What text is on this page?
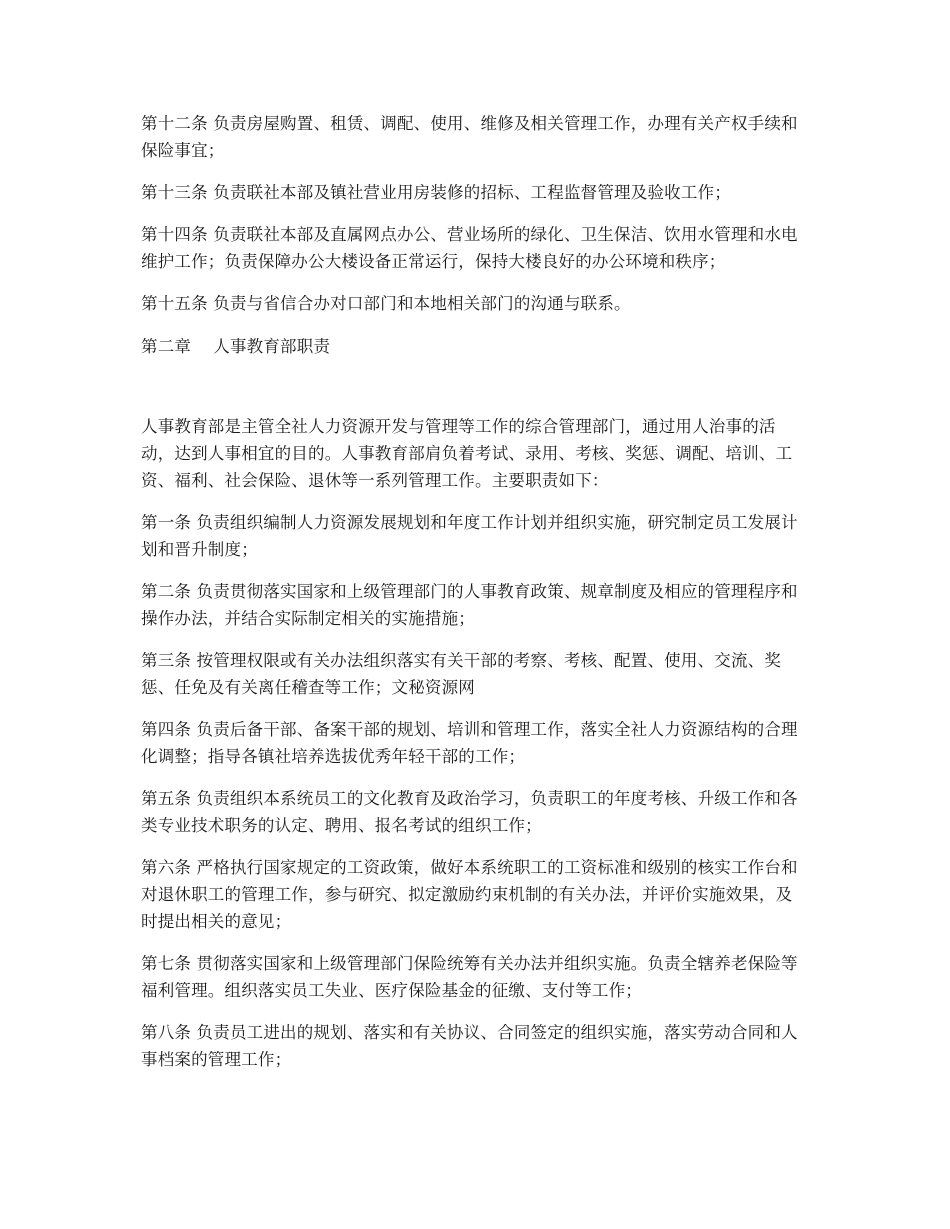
第十二条 负责房屋购置、租赁、调配、使用、维修及相关管理工作，办理有关产权手续和保险事宜；

第十三条 负责联社本部及镇社营业用房装修的招标、工程监督管理及验收工作；

第十四条 负责联社本部及直属网点办公、营业场所的绿化、卫生保洁、饮用水管理和水电维护工作；负责保障办公大楼设备正常运行，保持大楼良好的办公环境和秩序；

第十五条 负责与省信合办对口部门和本地相关部门的沟通与联系。

第二章　 人事教育部职责

人事教育部是主管全社人力资源开发与管理等工作的综合管理部门，通过用人治事的活动，达到人事相宜的目的。人事教育部肩负着考试、录用、考核、奖惩、调配、培训、工资、福利、社会保险、退休等一系列管理工作。主要职责如下：

第一条 负责组织编制人力资源发展规划和年度工作计划并组织实施，研究制定员工发展计划和晋升制度；

第二条 负责贯彻落实国家和上级管理部门的人事教育政策、规章制度及相应的管理程序和操作办法，并结合实际制定相关的实施措施；

第三条 按管理权限或有关办法组织落实有关干部的考察、考核、配置、使用、交流、奖惩、任免及有关离任稽查等工作；文秘资源网

第四条 负责后备干部、备案干部的规划、培训和管理工作，落实全社人力资源结构的合理化调整；指导各镇社培养选拔优秀年轻干部的工作；

第五条 负责组织本系统员工的文化教育及政治学习，负责职工的年度考核、升级工作和各类专业技术职务的认定、聘用、报名考试的组织工作；

第六条 严格执行国家规定的工资政策，做好本系统职工的工资标准和级别的核实工作台和对退休职工的管理工作，参与研究、拟定激励约束机制的有关办法，并评价实施效果，及时提出相关的意见；

第七条 贯彻落实国家和上级管理部门保险统筹有关办法并组织实施。负责全辖养老保险等福利管理。组织落实员工失业、医疗保险基金的征缴、支付等工作；

第八条 负责员工进出的规划、落实和有关协议、合同签定的组织实施，落实劳动合同和人事档案的管理工作；
